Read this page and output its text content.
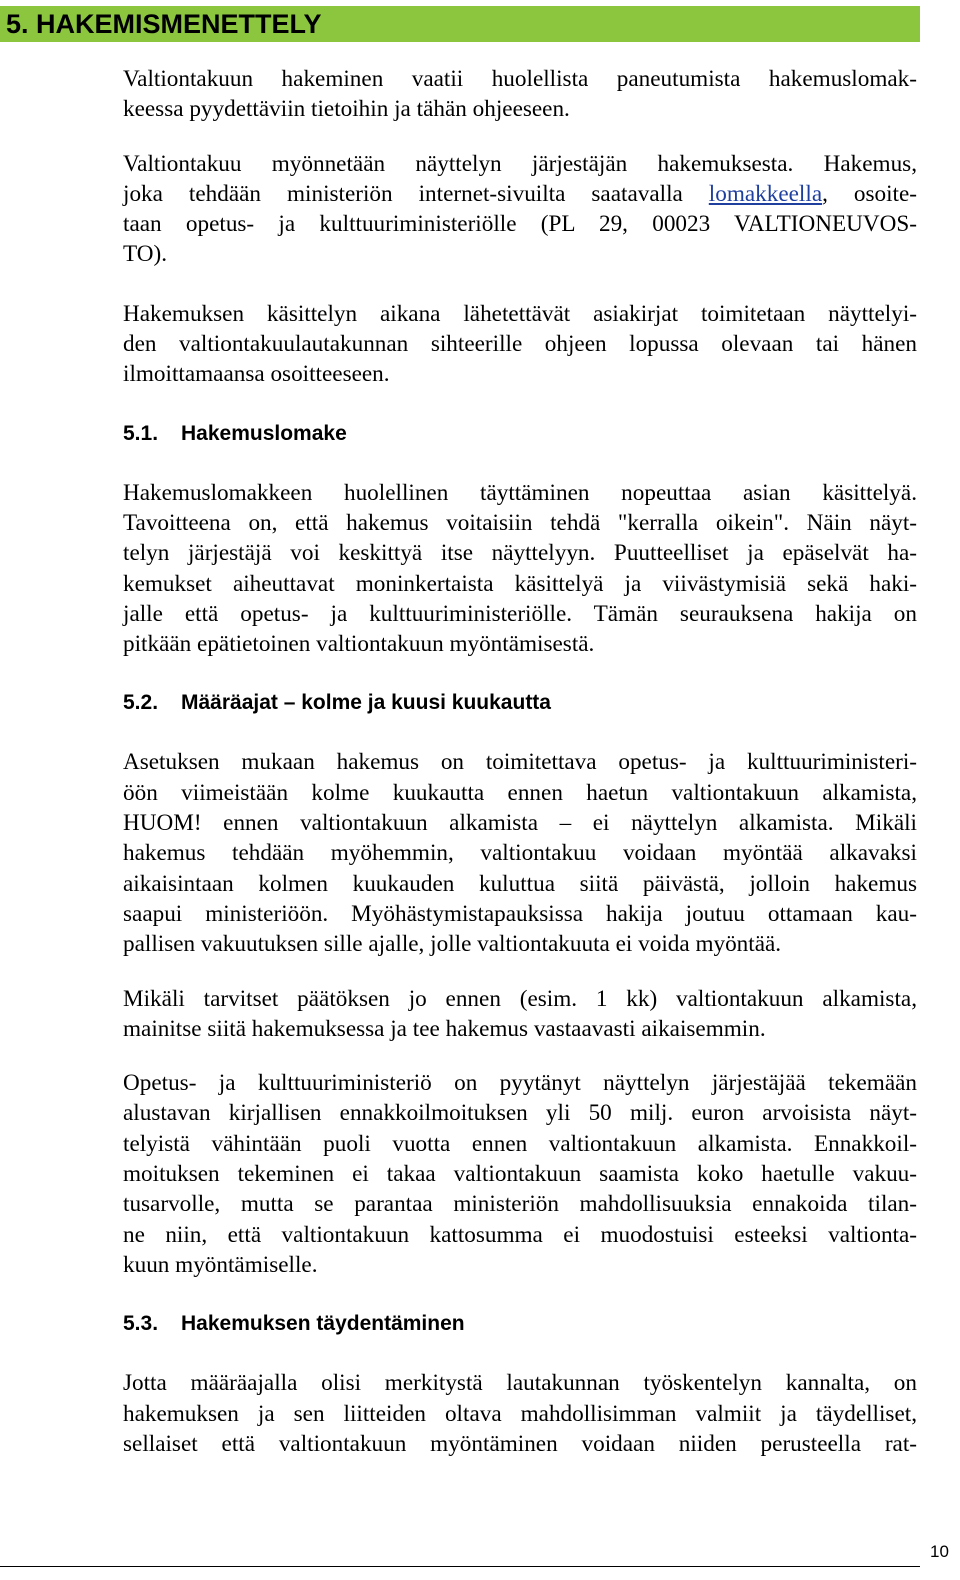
5. HAKEMISMENETTELY

Valtiontakuun hakeminen vaatii huolellista paneutumista hakemuslomak-
keessa pyydettäviin tietoihin ja tähän ohjeeseen.

Valtiontakuu myönnetään näyttelyn järjestäjän hakemuksesta. Hakemus,
joka tehdään ministeriön internet-sivuilta saatavalla lomakkeella, osoite-
taan opetus- ja kulttuuriministeriölle (PL 29, 00023 VALTIONEUVOS-
TO).

Hakemuksen käsittelyn aikana lähetettävät asiakirjat toimitetaan näyttelyi-
den valtiontakuulautakunnan sihteerille ohjeen lopussa olevaan tai hänen
ilmoittamaansa osoitteeseen.

5.1. Hakemuslomake

Hakemuslomakkeen huolellinen täyttäminen nopeuttaa asian käsittelyä.
Tavoitteena on, että hakemus voitaisiin tehdä "kerralla oikein". Näin näyt-
telyn järjestäjä voi keskittyä itse näyttelyyn. Puutteelliset ja epäselvät ha-
kemukset aiheuttavat moninkertaista käsittelyä ja viivästymisiä sekä haki-
jalle että opetus- ja kulttuuriministeriölle. Tämän seurauksena hakija on
pitkään epätietoinen valtiontakuun myöntämisestä.

5.2. Määräajat – kolme ja kuusi kuukautta

Asetuksen mukaan hakemus on toimitettava opetus- ja kulttuuriministeri-
öön viimeistään kolme kuukautta ennen haetun valtiontakuun alkamista,
HUOM! ennen valtiontakuun alkamista – ei näyttelyn alkamista. Mikäli
hakemus tehdään myöhemmin, valtiontakuu voidaan myöntää alkavaksi
aikaisintaan kolmen kuukauden kuluttua siitä päivästä, jolloin hakemus
saapui ministeriöön. Myöhästymistapauksissa hakija joutuu ottamaan kau-
pallisen vakuutuksen sille ajalle, jolle valtiontakuuta ei voida myöntää.

Mikäli tarvitset päätöksen jo ennen (esim. 1 kk) valtiontakuun alkamista,
mainitse siitä hakemuksessa ja tee hakemus vastaavasti aikaisemmin.

Opetus- ja kulttuuriministeriö on pyytänyt näyttelyn järjestäjää tekemään
alustavan kirjallisen ennakkoilmoituksen yli 50 milj. euron arvoisista näyt-
telyistä vähintään puoli vuotta ennen valtiontakuun alkamista. Ennakkoil-
moituksen tekeminen ei takaa valtiontakuun saamista koko haetulle vakuu-
tusarvolle, mutta se parantaa ministeriön mahdollisuuksia ennakoida tilan-
ne niin, että valtiontakuun kattosumma ei muodostuisi esteeksi valtionta-
kuun myöntämiselle.

5.3. Hakemuksen täydentäminen

Jotta määräajalla olisi merkitystä lautakunnan työskentelyn kannalta, on
hakemuksen ja sen liitteiden oltava mahdollisimman valmiit ja täydelliset,
sellaiset että valtiontakuun myöntäminen voidaan niiden perusteella rat-

10
